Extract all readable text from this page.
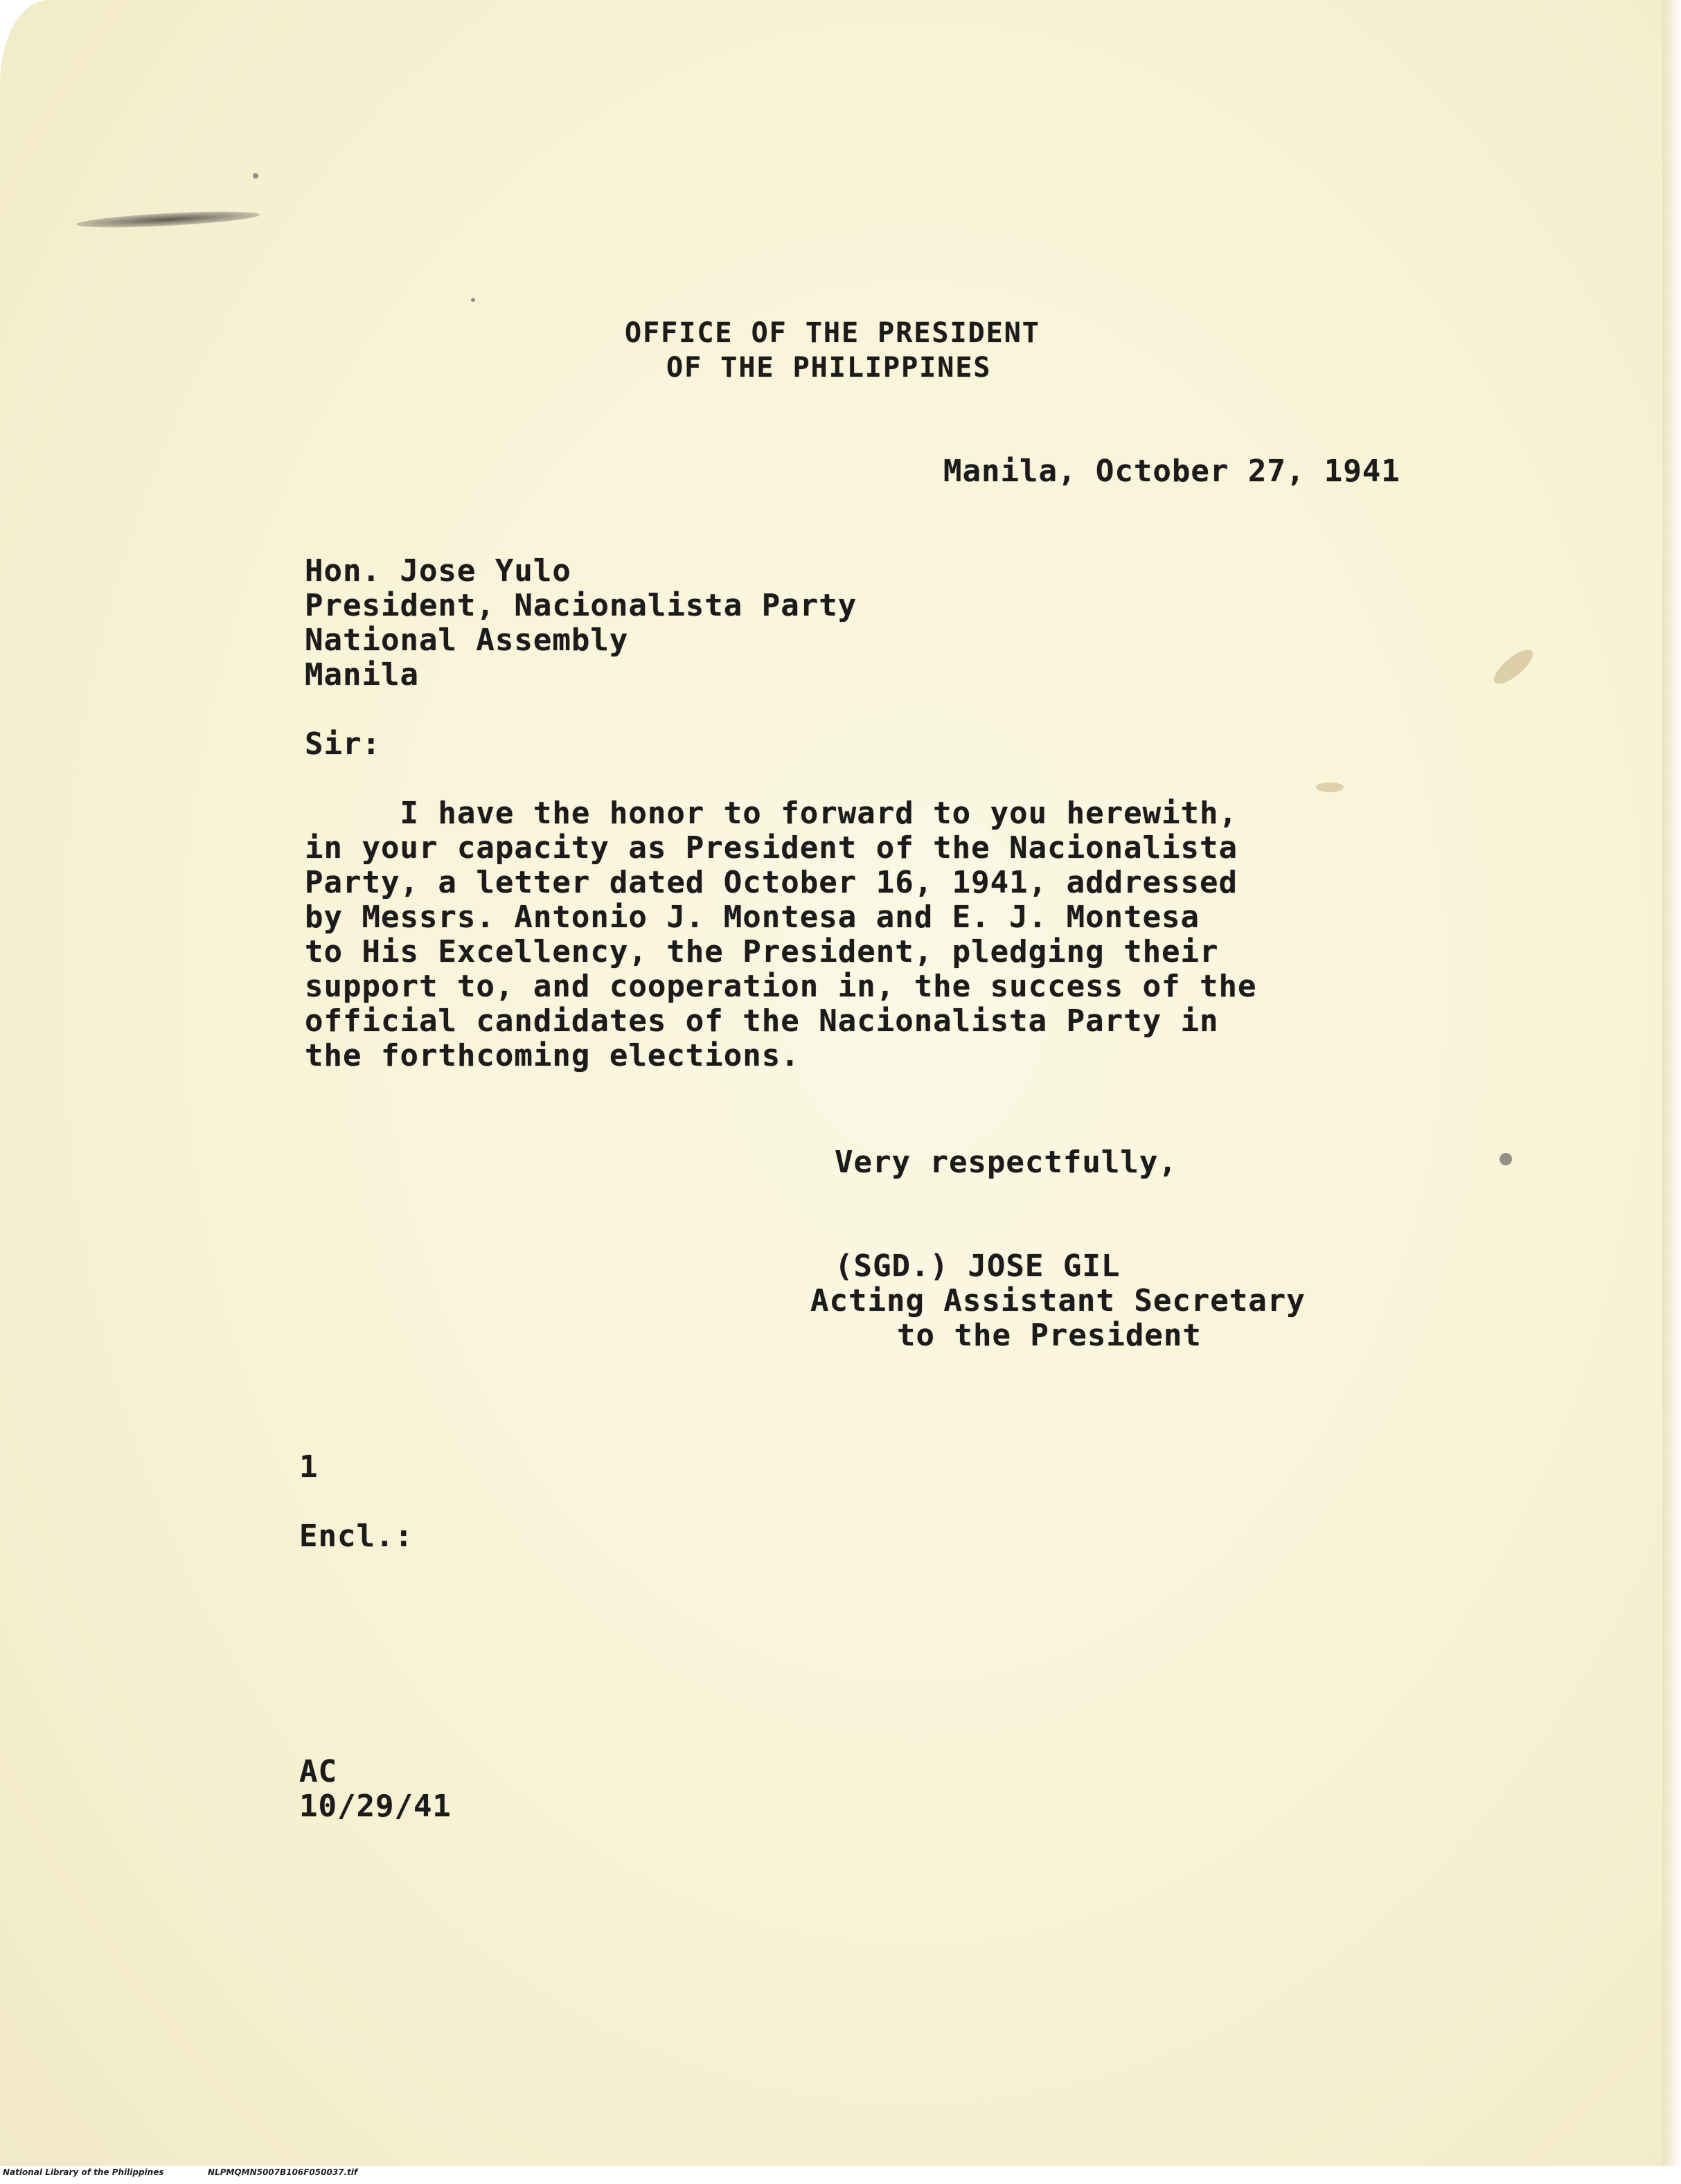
OFFICE OF THE PRESIDENT
OF THE PHILIPPINES
Manila, October 27, 1941
Hon. Jose Yulo
President, Nacionalista Party
National Assembly
Manila
Sir:
I have the honor to forward to you herewith,
in your capacity as President of the Nacionalista
Party, a letter dated October 16, 1941, addressed
by Messrs. Antonio J. Montesa and E. J. Montesa
to His Excellency, the President, pledging their
support to, and cooperation in, the success of the
official candidates of the Nacionalista Party in
the forthcoming elections.
Very respectfully,
(SGD.) JOSE GIL
Acting Assistant Secretary
to the President
1
Encl.:
AC
10/29/41
National Library of the Philippines	NLPMQMN5007B106F050037.tif
